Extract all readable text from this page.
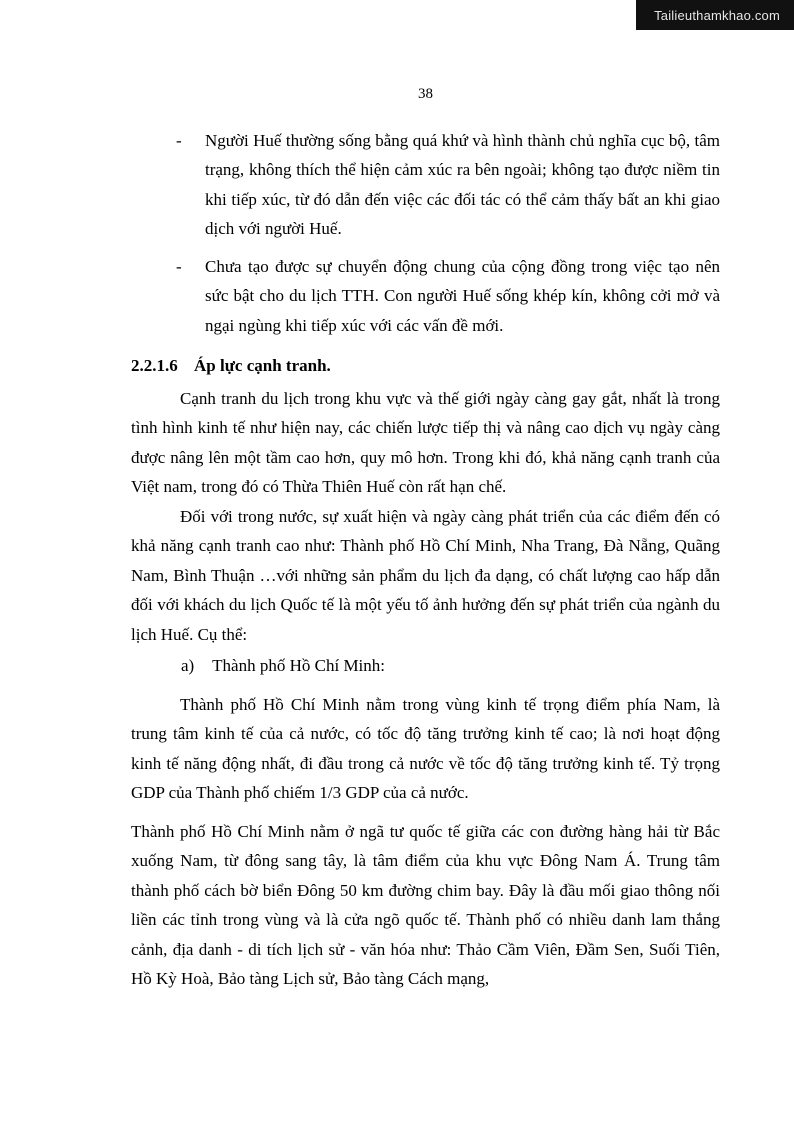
Tailieuthamkhao.com
38
-	Người Huế thường sống bằng quá khứ và hình thành chủ nghĩa cục bộ, tâm trạng, không thích thể hiện cảm xúc ra bên ngoài; không tạo được niềm tin khi tiếp xúc, từ đó dẫn đến việc các đối tác có thể cảm thấy bất an khi giao dịch với người Huế.
-	Chưa tạo được sự chuyển động chung của cộng đồng trong việc tạo nên sức bật cho du lịch TTH. Con người Huế sống khép kín, không cởi mở và ngại ngùng khi tiếp xúc với các vấn đề mới.
2.2.1.6 Áp lực cạnh tranh.

Cạnh tranh du lịch trong khu vực và thế giới ngày càng gay gắt, nhất là trong tình hình kinh tế như hiện nay, các chiến lược tiếp thị và nâng cao dịch vụ ngày càng được nâng lên một tầm cao hơn, quy mô hơn. Trong khi đó, khả năng cạnh tranh của Việt nam, trong đó có Thừa Thiên Huế còn rất hạn chế.

Đối với trong nước, sự xuất hiện và ngày càng phát triển của các điểm đến có khả năng cạnh tranh cao như: Thành phố Hồ Chí Minh, Nha Trang, Đà Nẵng, Quãng Nam, Bình Thuận …với những sản phẩm du lịch đa dạng, có chất lượng cao hấp dẫn đối với khách du lịch Quốc tế là một yếu tố ảnh hưởng đến sự phát triển của ngành du lịch Huế. Cụ thể:

a) Thành phố Hồ Chí Minh:

Thành phố Hồ Chí Minh nằm trong vùng kinh tế trọng điểm phía Nam, là trung tâm kinh tế của cả nước, có tốc độ tăng trưởng kinh tế cao; là nơi hoạt động kinh tế năng động nhất, đi đầu trong cả nước về tốc độ tăng trưởng kinh tế. Tỷ trọng GDP của Thành phố chiếm 1/3 GDP của cả nước.

Thành phố Hồ Chí Minh nằm ở ngã tư quốc tế giữa các con đường hàng hải từ Bắc xuống Nam, từ đông sang tây, là tâm điểm của khu vực Đông Nam Á. Trung tâm thành phố cách bờ biển Đông 50 km đường chim bay. Đây là đầu mối giao thông nối liền các tỉnh trong vùng và là cửa ngõ quốc tế. Thành phố có nhiều danh lam thắng cảnh, địa danh - di tích lịch sử - văn hóa như: Thảo Cầm Viên, Đầm Sen, Suối Tiên, Hồ Kỳ Hoà, Bảo tàng Lịch sử, Bảo tàng Cách mạng,
